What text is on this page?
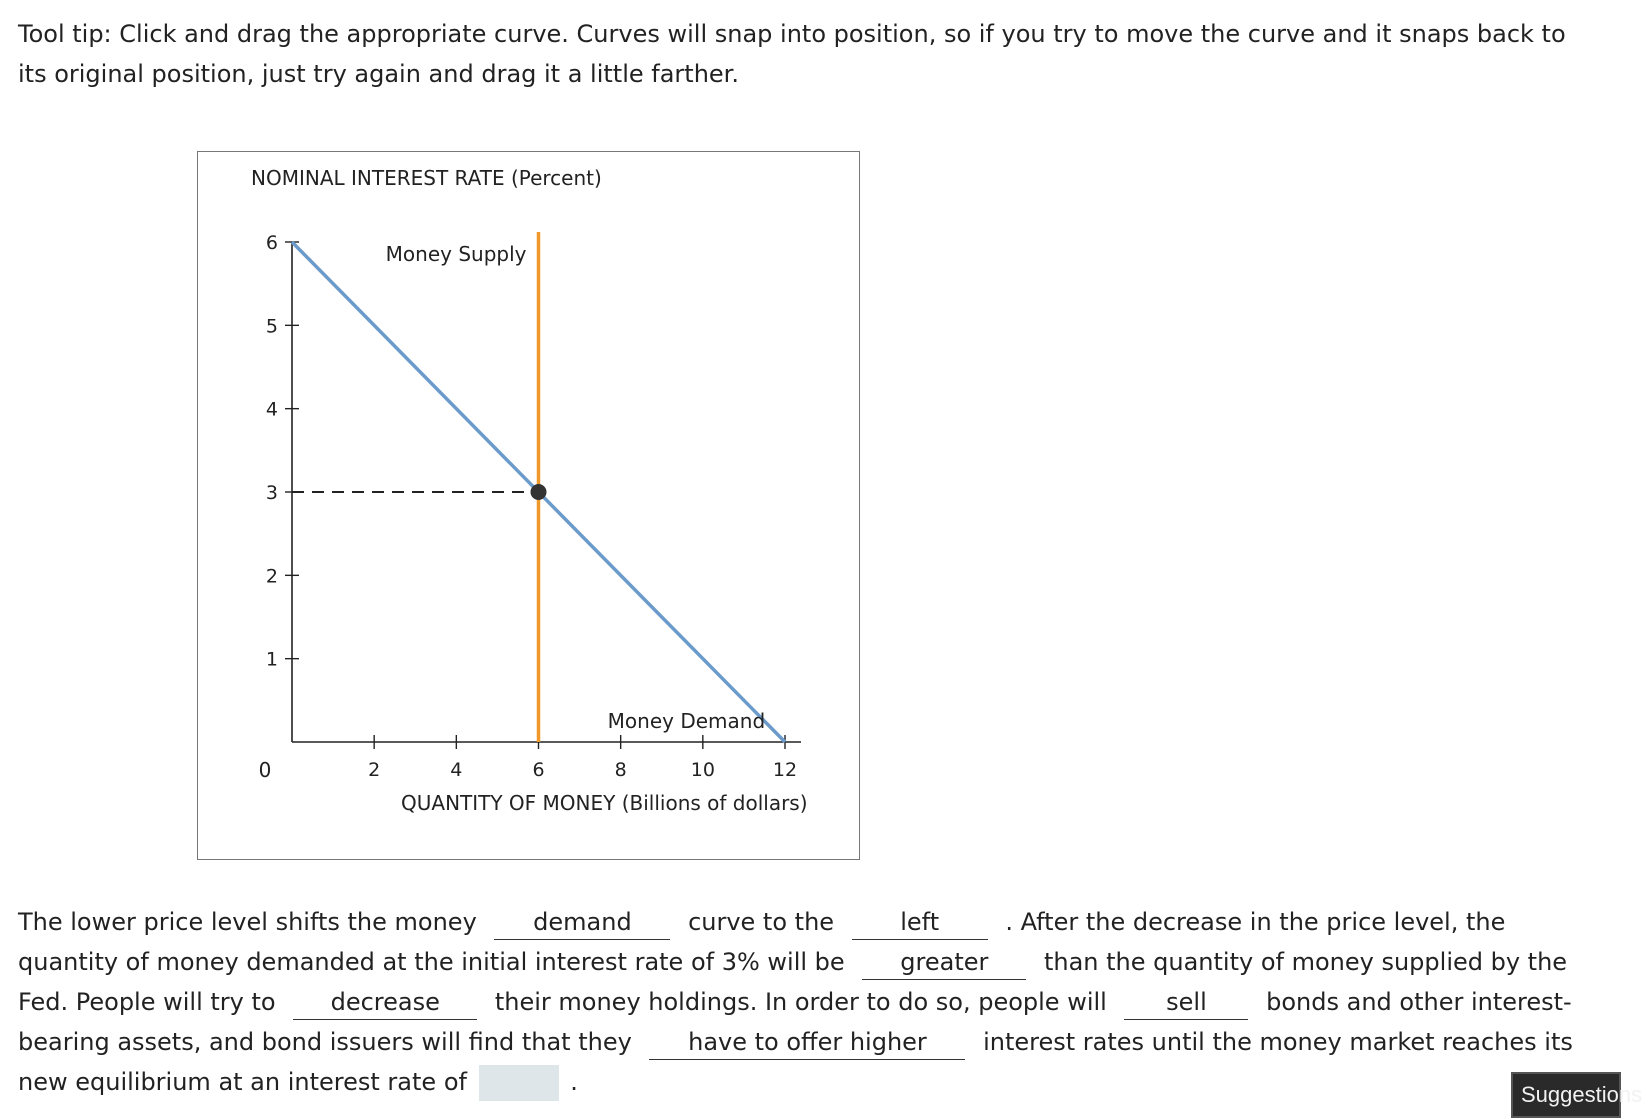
Tool tip: Click and drag the appropriate curve. Curves will snap into position, so if you try to move the curve and it snaps back to its original position, just try again and drag it a little farther.
NOMINAL INTEREST RATE (Percent)
QUANTITY OF MONEY (Billions of dollars)
0
1
2
3
4
5
6
2	4	6	8	10	12
Money Supply
Money Demand
The lower price level shifts the money demand curve to the	left	. After the decrease in the price level, the quantity of money demanded at the initial interest rate of 3% will be greater than the quantity of money supplied by the Fed. People will try to decrease their money holdings. In order to do so, people will sell bonds and other interest-bearing assets, and bond issuers will find that they have to offer higher interest rates until the money market reaches its new equilibrium at an interest rate of	.	Suggestions
